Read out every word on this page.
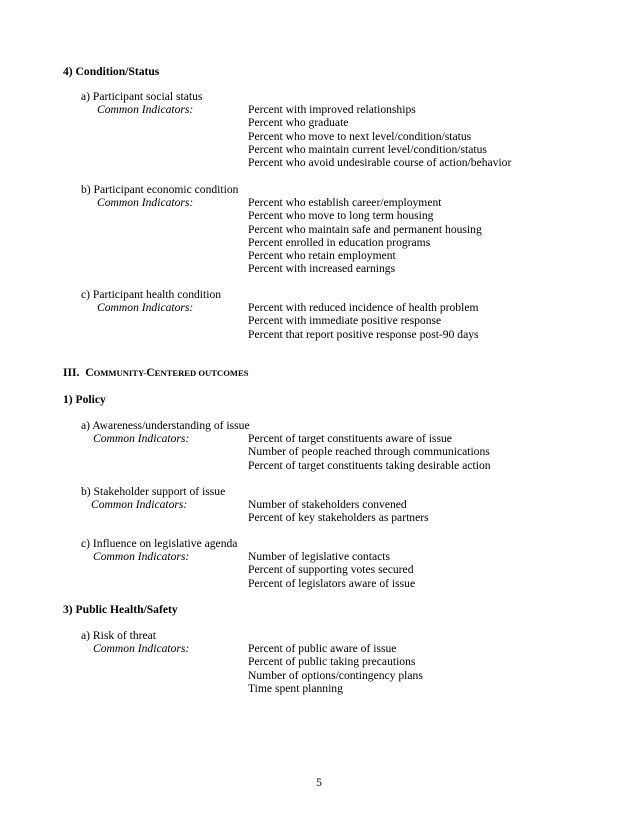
4) Condition/Status
a) Participant social status
Common Indicators:	Percent with improved relationships
Percent who graduate
Percent who move to next level/condition/status
Percent who maintain current level/condition/status
Percent who avoid undesirable course of action/behavior
b) Participant economic condition
Common Indicators:	Percent who establish career/employment
Percent who move to long term housing
Percent who maintain safe and permanent housing
Percent enrolled in education programs
Percent who retain employment
Percent with increased earnings
c) Participant health condition
Common Indicators:	Percent with reduced incidence of health problem
Percent with immediate positive response
Percent that report positive response post-90 days
III. COMMUNITY-CENTERED OUTCOMES
1) Policy
a) Awareness/understanding of issue
Common Indicators:	Percent of target constituents aware of issue
Number of people reached through communications
Percent of target constituents taking desirable action
b) Stakeholder support of issue
Common Indicators:	Number of stakeholders convened
Percent of key stakeholders as partners
c) Influence on legislative agenda
Common Indicators:	Number of legislative contacts
Percent of supporting votes secured
Percent of legislators aware of issue
3) Public Health/Safety
a) Risk of threat
Common Indicators:	Percent of public aware of issue
Percent of public taking precautions
Number of options/contingency plans
Time spent planning
5
